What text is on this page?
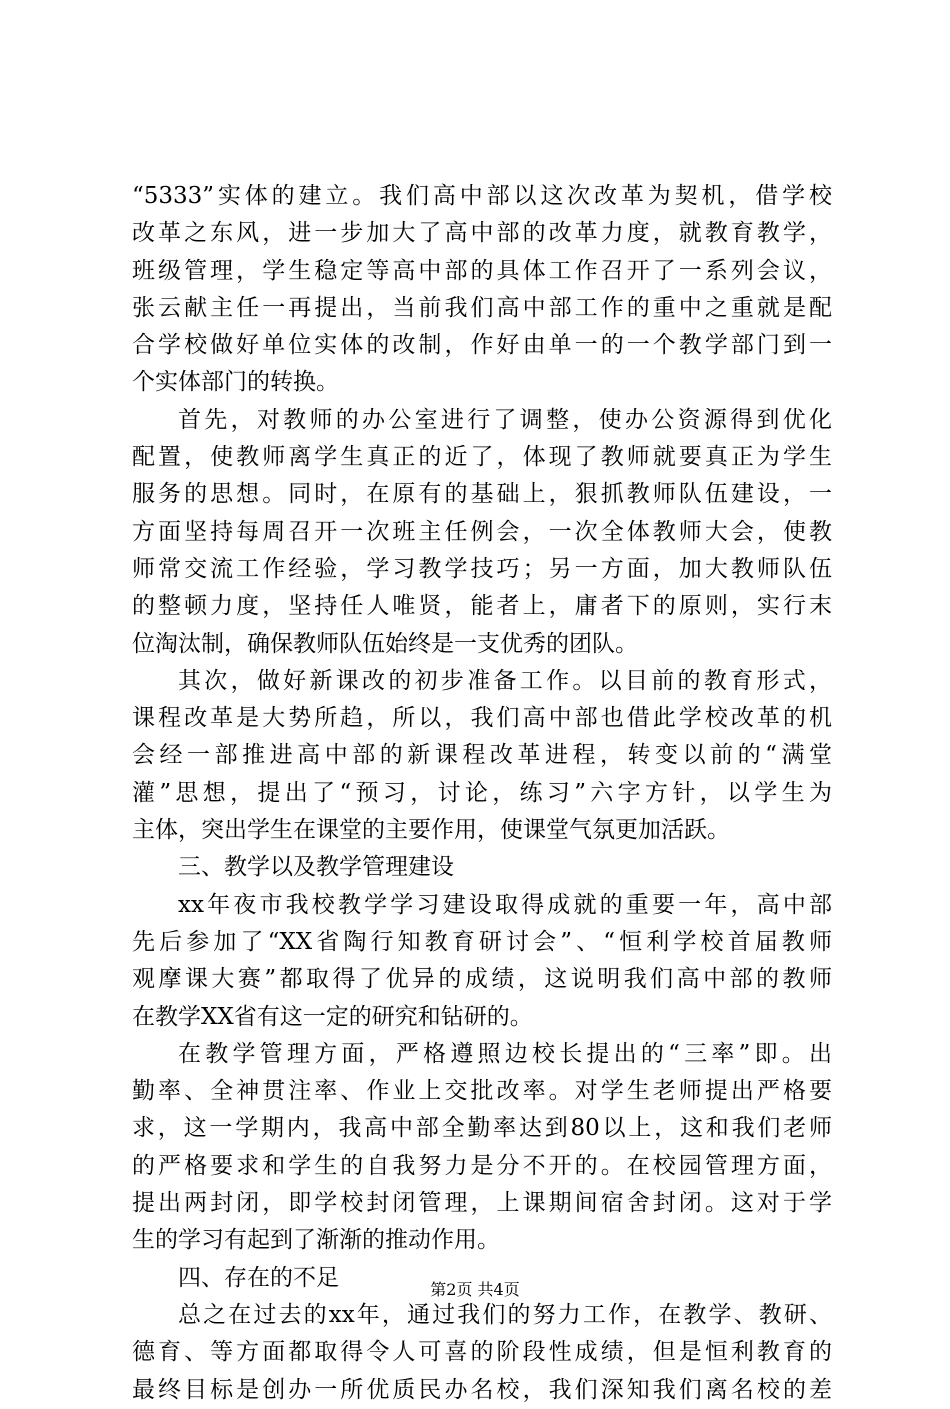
“5333”实体的建立。我们高中部以这次改革为契机，借学校
改革之东风，进一步加大了高中部的改革力度，就教育教学，
班级管理，学生稳定等高中部的具体工作召开了一系列会议，
张云献主任一再提出，当前我们高中部工作的重中之重就是配
合学校做好单位实体的改制，作好由单一的一个教学部门到一
个实体部门的转换。
首先，对教师的办公室进行了调整，使办公资源得到优化
配置，使教师离学生真正的近了，体现了教师就要真正为学生
服务的思想。同时，在原有的基础上，狠抓教师队伍建设，一
方面坚持每周召开一次班主任例会，一次全体教师大会，使教
师常交流工作经验，学习教学技巧；另一方面，加大教师队伍
的整顿力度，坚持任人唯贤，能者上，庸者下的原则，实行末
位淘汰制，确保教师队伍始终是一支优秀的团队。
其次，做好新课改的初步准备工作。以目前的教育形式，
课程改革是大势所趋，所以，我们高中部也借此学校改革的机
会经一部推进高中部的新课程改革进程，转变以前的“满堂
灌”思想，提出了“预习，讨论，练习”六字方针，以学生为
主体，突出学生在课堂的主要作用，使课堂气氛更加活跃。
三、教学以及教学管理建设
xx年夜市我校教学学习建设取得成就的重要一年，高中部
先后参加了“XX省陶行知教育研讨会”、“恒利学校首届教师
观摩课大赛”都取得了优异的成绩，这说明我们高中部的教师
在教学XX省有这一定的研究和钻研的。
在教学管理方面，严格遵照边校长提出的“三率”即。出
勤率、全神贯注率、作业上交批改率。对学生老师提出严格要
求，这一学期内，我高中部全勤率达到80以上，这和我们老师
的严格要求和学生的自我努力是分不开的。在校园管理方面，
提出两封闭，即学校封闭管理，上课期间宿舍封闭。这对于学
生的学习有起到了渐渐的推动作用。
四、存在的不足
总之在过去的xx年，通过我们的努力工作，在教学、教研、
德育、等方面都取得令人可喜的阶段性成绩，但是恒利教育的
最终目标是创办一所优质民办名校，我们深知我们离名校的差
第2页 共4页
